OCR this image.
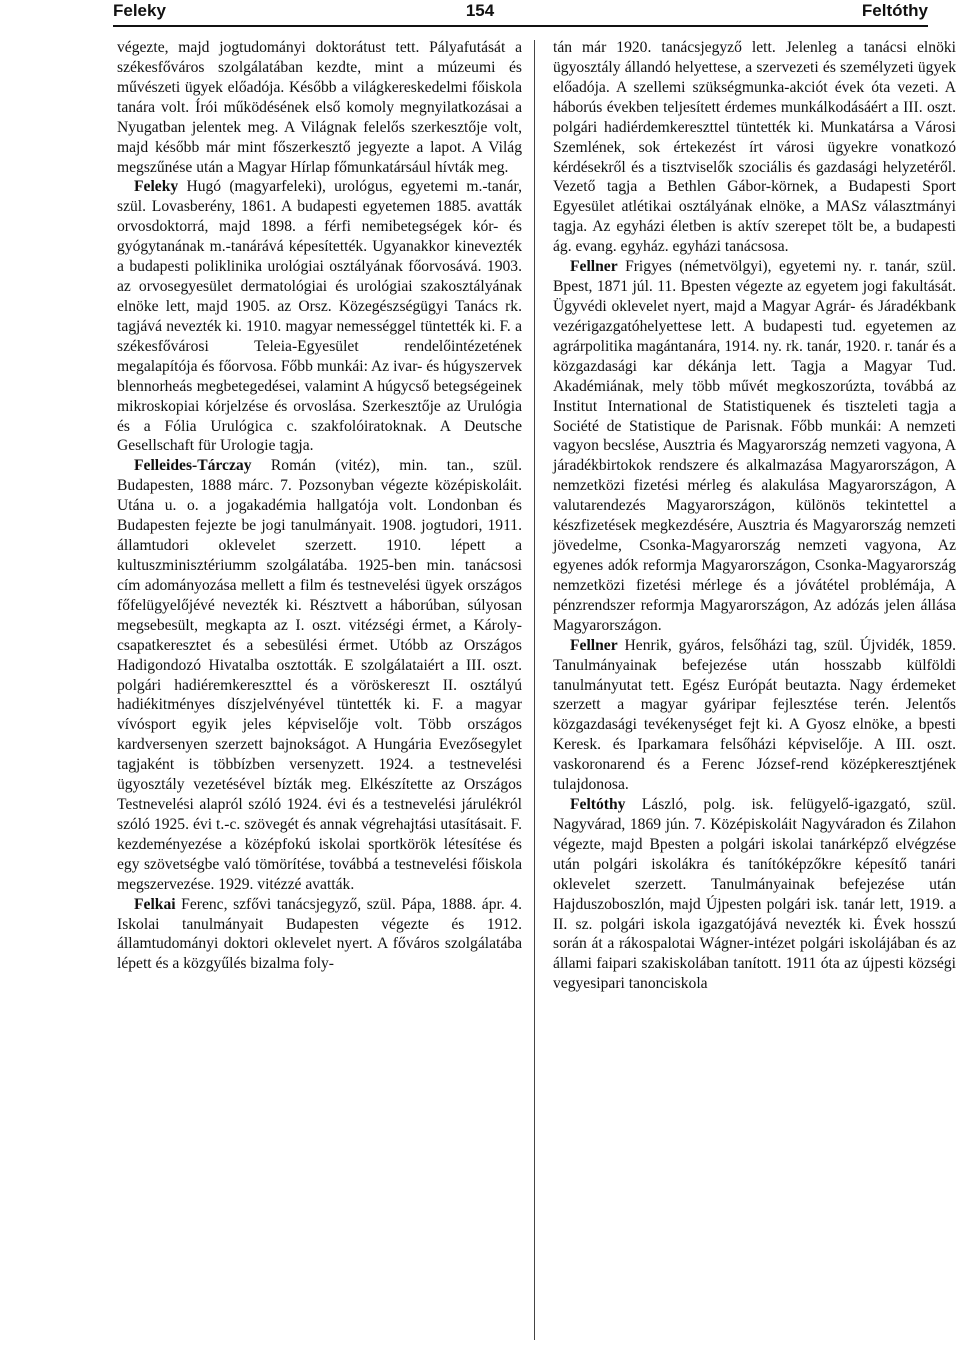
Feleky	154	Feltóthy

végezte, majd jogtudományi doktorátust tett. Pályafutását a székesfőváros szolgálatában kezdte, mint a múzeumi és művészeti ügyek előadója. Később a világkereskedelmi főiskola tanára volt. Írói működésének első komoly megnyilatkozásai a Nyugatban jelentek meg. A Világnak felelős szerkesztője volt, majd később már mint főszerkesztő jegyezte a lapot. A Világ megszűnése után a Magyar Hírlap főmunkatársául hívták meg.

Feleky Hugó (magyarfeleki), urológus, egyetemi m.-tanár, szül. Lovasberény, 1861. A budapesti egyetemen 1885. avatták orvosdoktorrá, majd 1898. a férfi nemibetegségek kór- és gyógytanának m.-tanárává képesítették. Ugyanakkor kinevezték a budapesti poliklinika urológiai osztályának főorvosává. 1903. az orvosegyesület dermatológiai és urológiai szakosztályának elnöke lett, majd 1905. az Orsz. Közegészségügyi Tanács rk. tagjává nevezték ki. 1910. magyar nemességgel tüntették ki. F. a székesfővárosi Teleia-Egyesület rendelőintézetének megalapítója és főorvosa. Főbb munkái: Az ivar- és húgyszervek blennorheás megbetegedései, valamint A húgycső betegségeinek mikroskopiai kórjelzése és orvoslása. Szerkesztője az Urulógia és a Fólia Urulógica c. szakfolóiratoknak. A Deutsche Gesellschaft für Urologie tagja.

Felleides-Tárczay Román (vitéz), min. tan., szül. Budapesten, 1888 márc. 7. Pozsonyban végezte középiskoláit. Utána u. o. a jogakadémia hallgatója volt. Londonban és Budapesten fejezte be jogi tanulmányait. 1908. jogtudori, 1911. államtudori oklevelet szerzett. 1910. lépett a kultuszminisztériumm szolgálatába. 1925-ben min. tanácsosi cím adományozása mellett a film és testnevelési ügyek országos főfelügyelőjévé nevezték ki. Résztvett a háborúban, súlyosan megsebesült, megkapta az I. oszt. vitézségi érmet, a Károly-csapatkeresztet és a sebesülési érmet. Utóbb az Országos Hadigondozó Hivatalba osztották. E szolgálataiért a III. oszt. polgári hadiéremkereszttel és a vöröskereszt II. osztályú hadiékitményes díszjelvényével tüntették ki. F. a magyar vívósport egyik jeles képviselője volt. Több országos kardversenyen szerzett bajnokságot. A Hungária Evezősegylet tagjaként is többízben versenyzett. 1924. a testnevelési ügyosztály vezetésével bízták meg. Elkészítette az Országos Testnevelési alapról szóló 1924. évi és a testnevelési járulékról szóló 1925. évi t.-c. szövegét és annak végrehajtási utasításait. F. kezdeményezése a középfokú iskolai sportkörök létesítése és egy szövetségbe való tömörítése, továbbá a testnevelési főiskola megszervezése. 1929. vitézzé avatták.

Felkai Ferenc, szfővi tanácsjegyző, szül. Pápa, 1888. ápr. 4. Iskolai tanulmányait Budapesten végezte és 1912. államtudományi doktori oklevelet nyert. A főváros szolgálatába lépett és a közgyűlés bizalma foly-

tán már 1920. tanácsjegyző lett. Jelenleg a tanácsi elnöki ügyosztály állandó helyettese, a szervezeti és személyzeti ügyek előadója. A szellemi szükségmunka-akciót évek óta vezeti. A háborús években teljesített érdemes munkálkodásáért a III. oszt. polgári hadiérdemkereszttel tüntették ki. Munkatársa a Városi Szemlének, sok értekezést írt városi ügyekre vonatkozó kérdésekről és a tisztviselők szociális és gazdasági helyzetéről. Vezető tagja a Bethlen Gábor-körnek, a Budapesti Sport Egyesület atlétikai osztályának elnöke, a MASz választmányi tagja. Az egyházi életben is aktív szerepet tölt be, a budapesti ág. evang. egyház. egyházi tanácsosa.

Fellner Frigyes (németvölgyi), egyetemi ny. r. tanár, szül. Bpest, 1871 júl. 11. Bpesten végezte az egyetem jogi fakultását. Ügyvédi oklevelet nyert, majd a Magyar Agrár- és Járadékbank vezérigazgatóhelyettese lett. A budapesti tud. egyetemen az agrárpolitika magántanára, 1914. ny. rk. tanár, 1920. r. tanár és a közgazdasági kar dékánja lett. Tagja a Magyar Tud. Akadémiának, mely több művét megkoszorúzta, továbbá az Institut International de Statistiquenek és tiszteleti tagja a Société de Statistique de Parisnak. Főbb munkái: A nemzeti vagyon becslése, Ausztria és Magyarország nemzeti vagyona, A járadékbirtokok rendszere és alkalmazása Magyarországon, A nemzetközi fizetési mérleg és alakulása Magyarországon, A valutarendezés Magyarországon, különös tekintettel a készfizetések megkezdésére, Ausztria és Magyarország nemzeti jövedelme, Csonka-Magyarország nemzeti vagyona, Az egyenes adók reformja Magyarországon, Csonka-Magyarország nemzetközi fizetési mérlege és a jóvátétel problémája, A pénzrendszer reformja Magyarországon, Az adózás jelen állása Magyarországon.

Fellner Henrik, gyáros, felsőházi tag, szül. Újvidék, 1859. Tanulmányainak befejezése után hosszabb külföldi tanulmányutat tett. Egész Európát beutazta. Nagy érdemeket szerzett a magyar gyáripar fejlesztése terén. Jelentős közgazdasági tevékenységet fejt ki. A Gyosz elnöke, a bpesti Keresk. és Iparkamara felsőházi képviselője. A III. oszt. vaskoronarend és a Ferenc József-rend középkeresztjének tulajdonosa.

Feltóthy László, polg. isk. felügyelő-igazgató, szül. Nagyvárad, 1869 jún. 7. Középiskoláit Nagyváradon és Zilahon végezte, majd Bpesten a polgári iskolai tanárképző elvégzése után polgári iskolákra és tanítóképzőkre képesítő tanári oklevelet szerzett. Tanulmányainak befejezése után Hajduszoboszlón, majd Újpesten polgári isk. tanár lett, 1919. a II. sz. polgári iskola igazgatójává nevezték ki. Évek hosszú során át a rákospalotai Wágner-intézet polgári iskolájában és az állami faipari szakiskolában tanított. 1911 óta az újpesti községi vegyesipari tanonciskola
